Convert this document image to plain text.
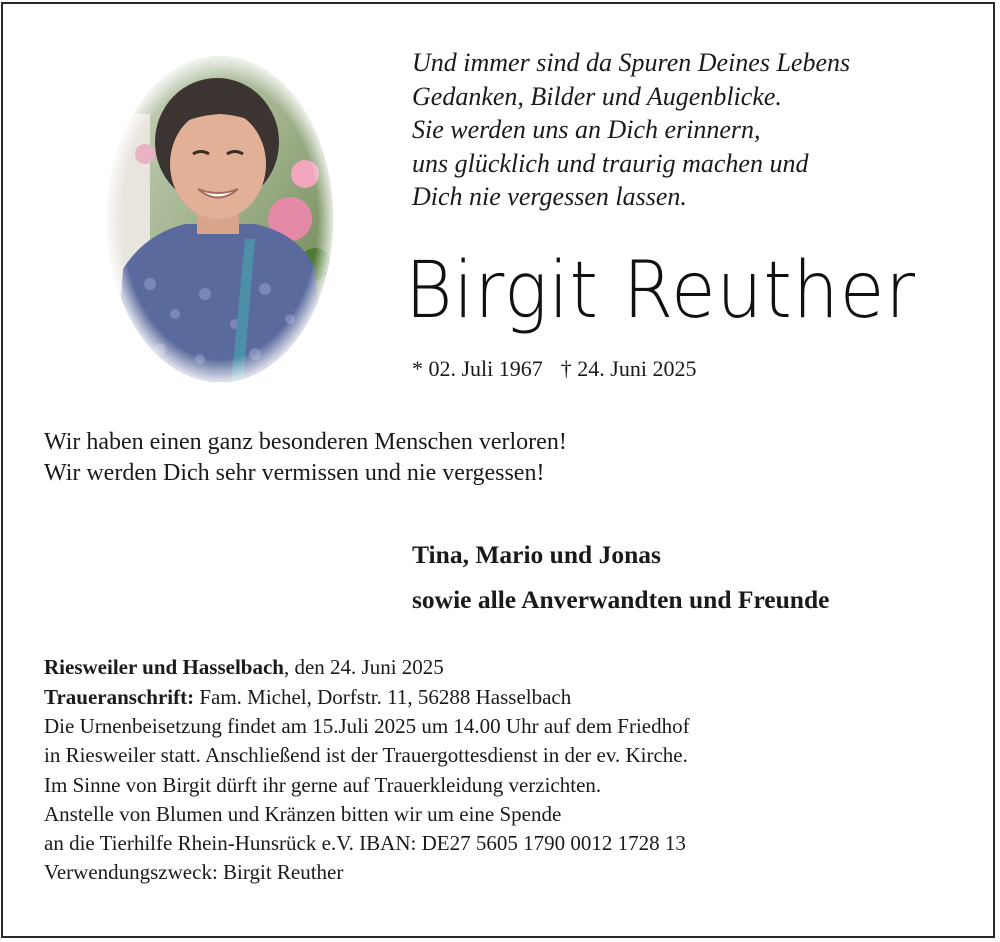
Und immer sind da Spuren Deines Lebens
Gedanken, Bilder und Augenblicke.
Sie werden uns an Dich erinnern,
uns glücklich und traurig machen und
Dich nie vergessen lassen.
Birgit Reuther
* 02. Juli 1967 † 24. Juni 2025
Wir haben einen ganz besonderen Menschen verloren!
Wir werden Dich sehr vermissen und nie vergessen!
Tina, Mario und Jonas
sowie alle Anverwandten und Freunde
Riesweiler und Hasselbach, den 24. Juni 2025
Traueranschrift: Fam. Michel, Dorfstr. 11, 56288 Hasselbach
Die Urnenbeisetzung findet am 15.Juli 2025 um 14.00 Uhr auf dem Friedhof
in Riesweiler statt. Anschließend ist der Trauergottesdienst in der ev. Kirche.
Im Sinne von Birgit dürft ihr gerne auf Trauerkleidung verzichten.
Anstelle von Blumen und Kränzen bitten wir um eine Spende
an die Tierhilfe Rhein-Hunsrück e.V. IBAN: DE27 5605 1790 0012 1728 13
Verwendungszweck: Birgit Reuther
